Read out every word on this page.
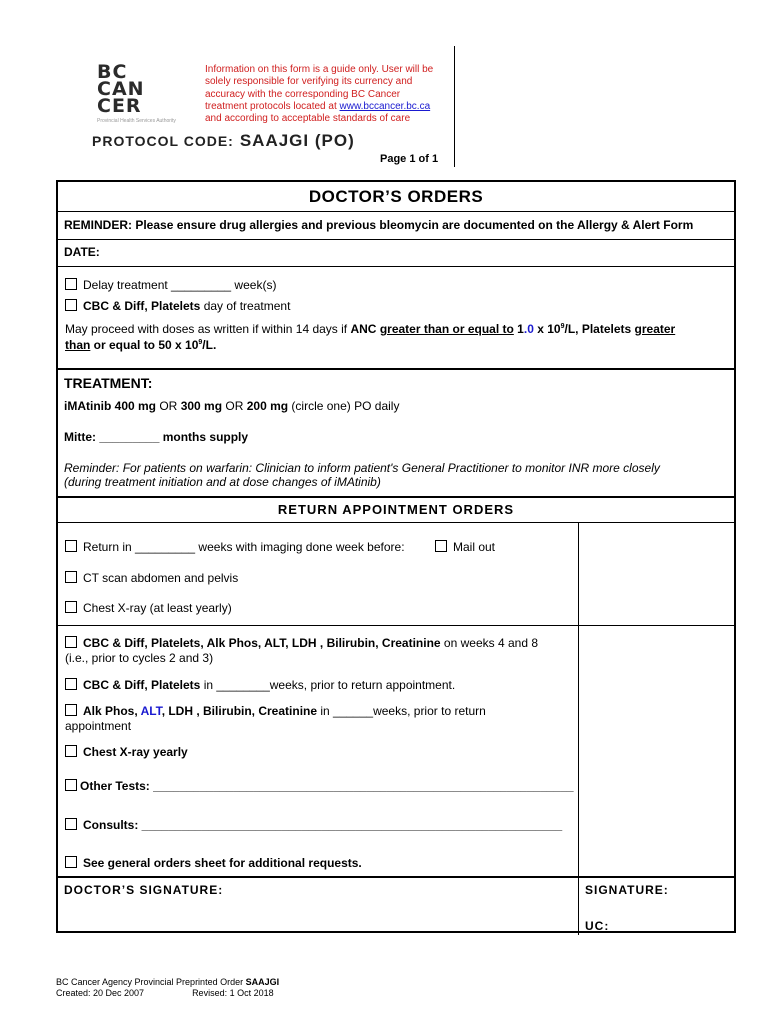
BC
CAN
CER
Provincial Health Services Authority
Information on this form is a guide only. User will be solely responsible for verifying its currency and accuracy with the corresponding BC Cancer treatment protocols located at www.bccancer.bc.ca and according to acceptable standards of care
PROTOCOL CODE: SAAJGI (PO)
Page 1 of 1
DOCTOR’S ORDERS
REMINDER: Please ensure drug allergies and previous bleomycin are documented on the Allergy & Alert Form
DATE:
Delay treatment _________ week(s)
CBC & Diff, Platelets day of treatment
May proceed with doses as written if within 14 days if ANC greater than or equal to 1.0 x $10^9/L$, Platelets greater
than or equal to 50 x $10^9/L$.
TREATMENT:
iMAtinib 400 mg OR 300 mg OR 200 mg (circle one) PO daily
Mitte: _________ months supply
Reminder: For patients on warfarin: Clinician to inform patient's General Practitioner to monitor INR more closely
(during treatment initiation and at dose changes of iMAtinib)
RETURN APPOINTMENT ORDERS
Return in _________ weeks with imaging done week before:	Mail out
CT scan abdomen and pelvis
Chest X-ray (at least yearly)
CBC & Diff, Platelets, Alk Phos, ALT, LDH , Bilirubin, Creatinine on weeks 4 and 8
(i.e., prior to cycles 2 and 3)
CBC & Diff, Platelets in ________weeks, prior to return appointment.
Alk Phos, ALT, LDH , Bilirubin, Creatinine in ______weeks, prior to return
appointment
Chest X-ray yearly
Other Tests: _______________________________________________________________
Consults: _______________________________________________________________
See general orders sheet for additional requests.
DOCTOR’S SIGNATURE:	SIGNATURE:
UC:
BC Cancer Agency Provincial Preprinted Order SAAJGI
Created: 20 Dec 2007	Revised: 1 Oct 2018
